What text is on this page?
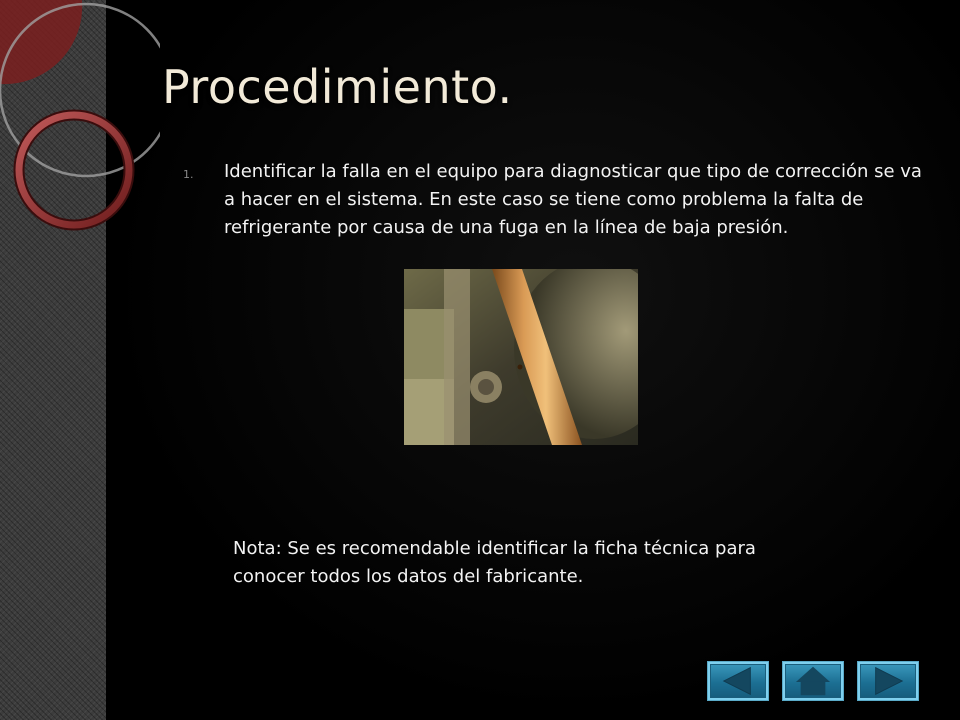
Procedimiento.
1. Identificar la falla en el equipo para diagnosticar que tipo de corrección se va a hacer en el sistema. En este caso se tiene como problema la falta de refrigerante por causa de una fuga en la línea de baja presión.

Nota: Se es recomendable identificar la ficha técnica para conocer todos los datos del fabricante.
